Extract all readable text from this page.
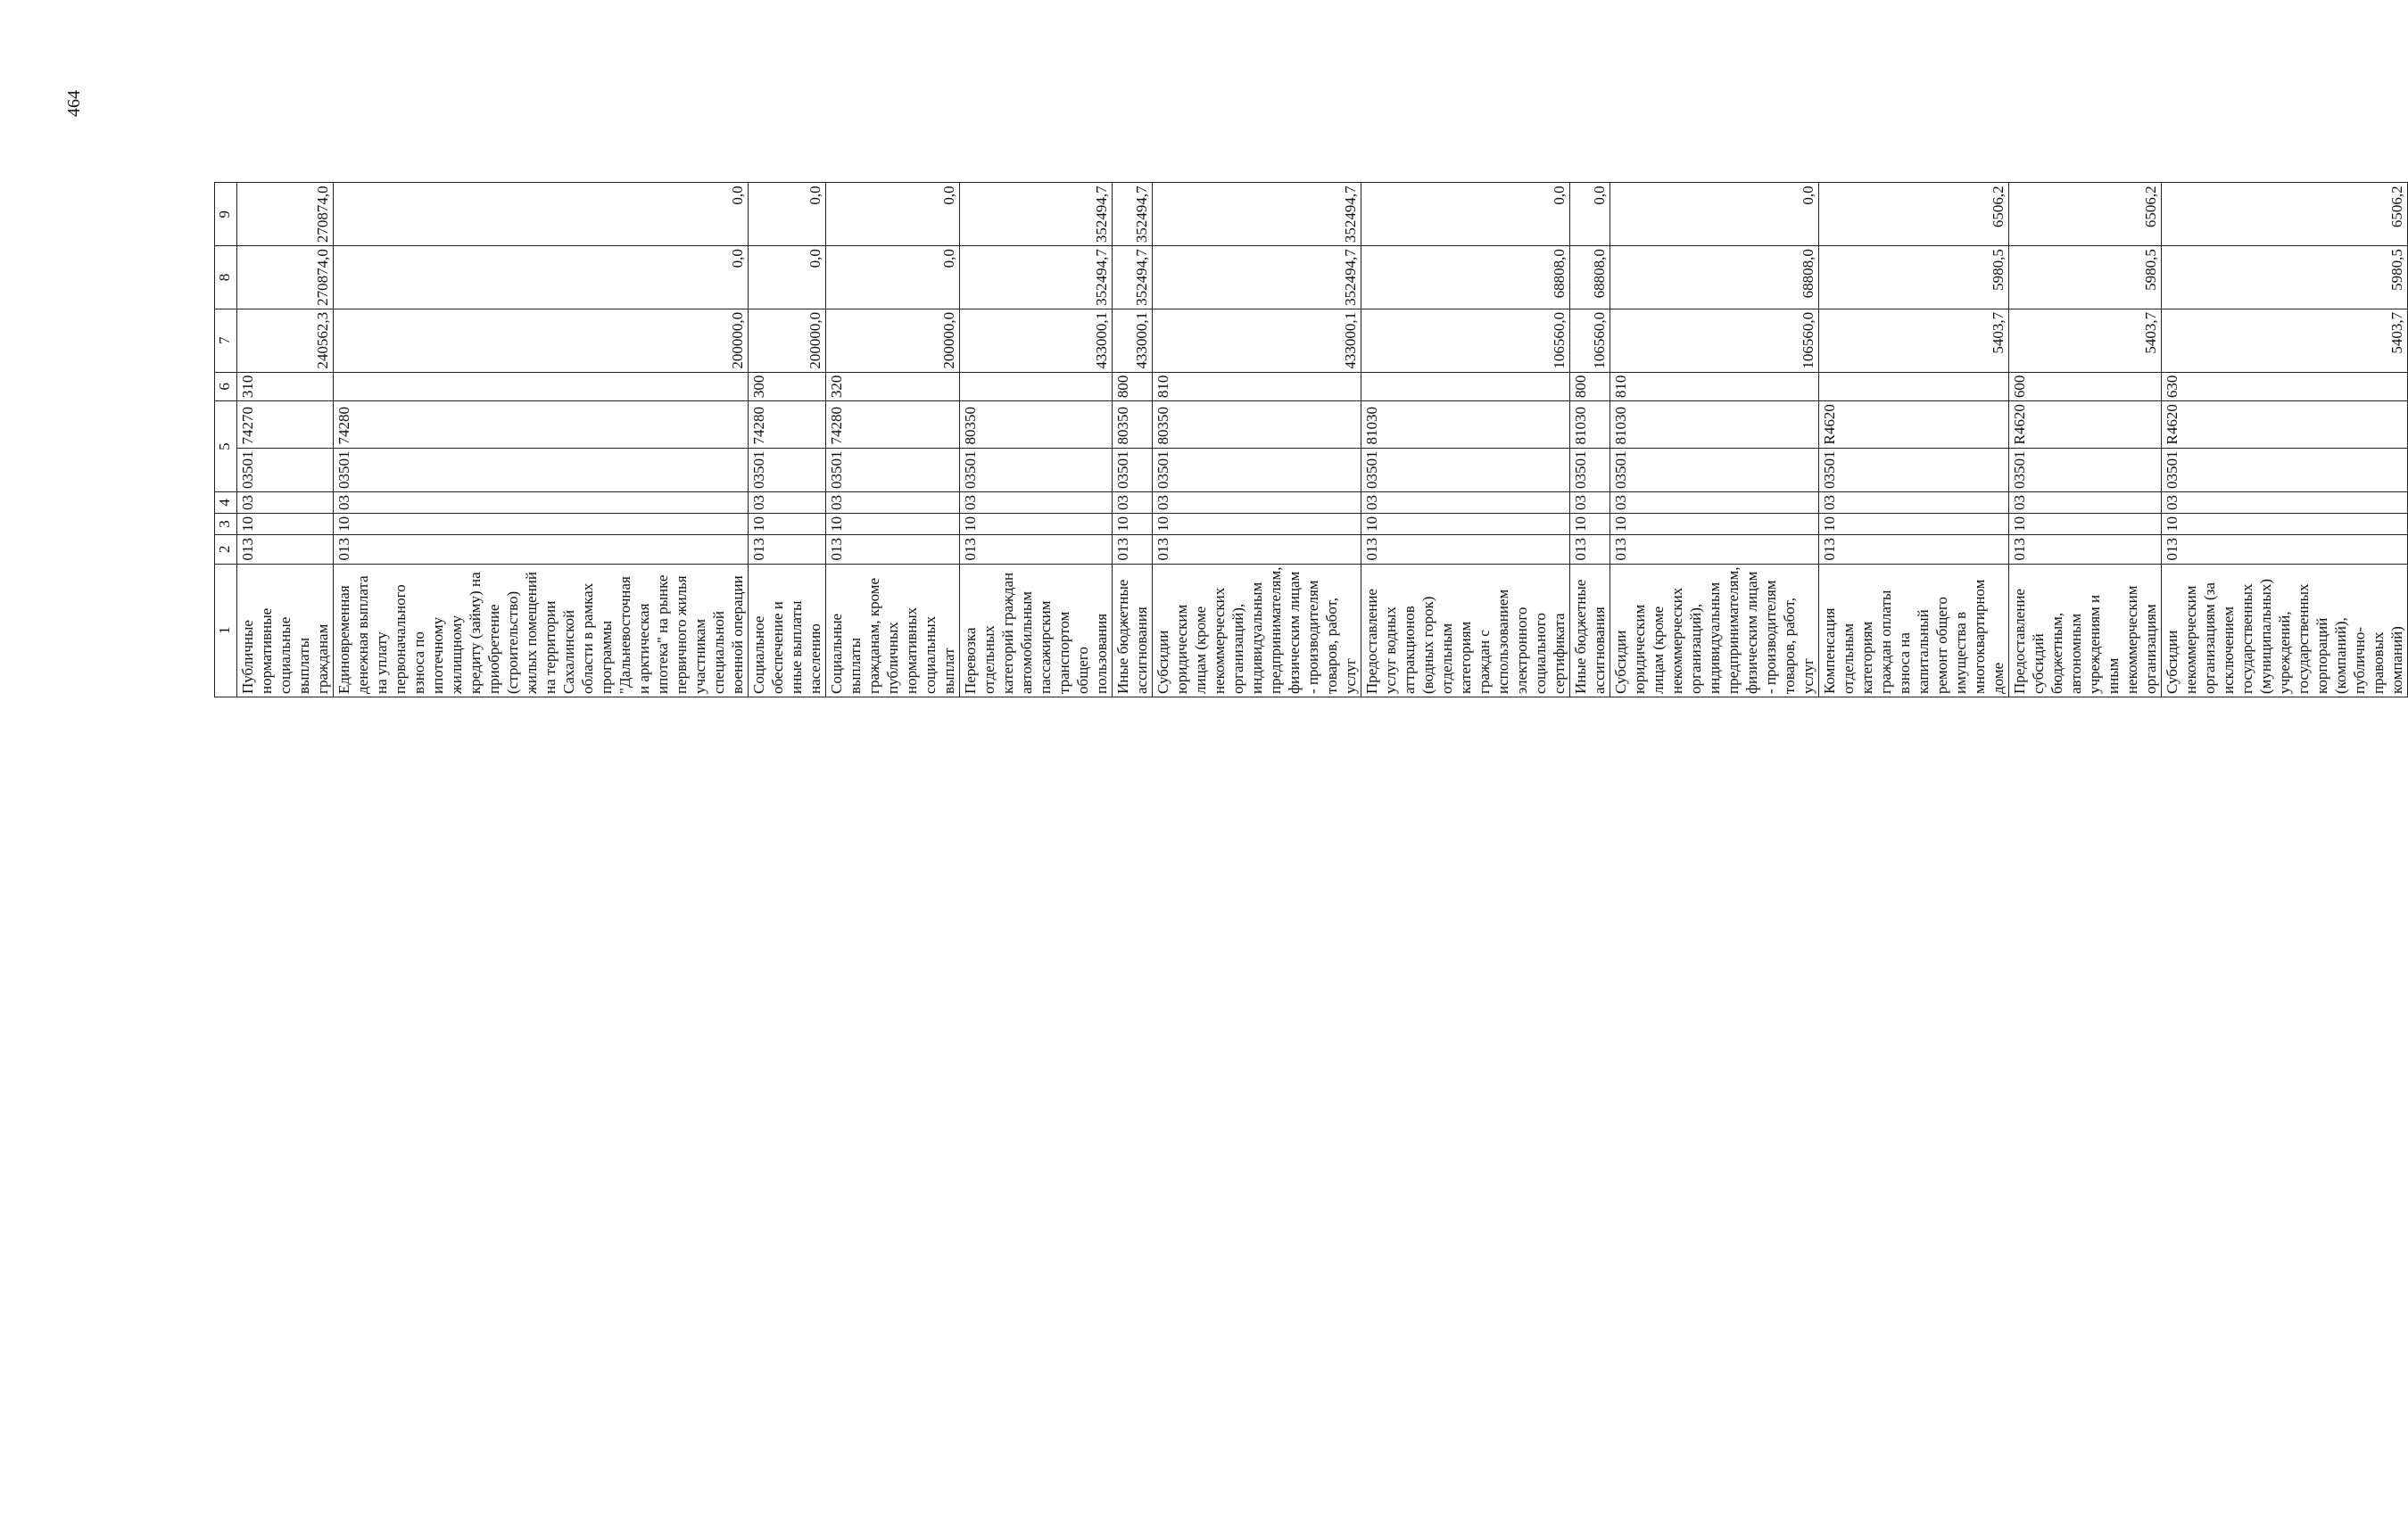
464
1	2	3	4	5		6	7	8	9
Публичные нормативные социальные выплаты гражданам	013	10	03	03501	74270	310	240562,3	270874,0	270874,0
Единовременная денежная выплата на уплату первоначального взноса по ипотечному жилищному кредиту (займу) на приобретение (строительство) жилых помещений на территории Сахалинской области в рамках программы "Дальневосточная и арктическая ипотека" на рынке первичного жилья участникам специальной военной операции	013	10	03	03501	74280		200000,0	0,0	0,0
Социальное обеспечение и иные выплаты населению	013	10	03	03501	74280	300	200000,0	0,0	0,0
Социальные выплаты гражданам, кроме публичных нормативных социальных выплат	013	10	03	03501	74280	320	200000,0	0,0	0,0
Перевозка отдельных категорий граждан автомобильным пассажирским транспортом общего пользования	013	10	03	03501	80350		433000,1	352494,7	352494,7
Иные бюджетные ассигнования	013	10	03	03501	80350	800	433000,1	352494,7	352494,7
Субсидии юридическим лицам (кроме некоммерческих организаций), индивидуальным предпринимателям, физическим лицам - производителям товаров, работ, услуг	013	10	03	03501	80350	810	433000,1	352494,7	352494,7
Предоставление услуг водных аттракционов (водных горок) отдельным категориям граждан с использованием электронного социального сертификата	013	10	03	03501	81030		106560,0	68808,0	0,0
Иные бюджетные ассигнования	013	10	03	03501	81030	800	106560,0	68808,0	0,0
Субсидии юридическим лицам (кроме некоммерческих организаций), индивидуальным предпринимателям, физическим лицам - производителям товаров, работ, услуг	013	10	03	03501	81030	810	106560,0	68808,0	0,0
Компенсация отдельным категориям граждан оплаты взноса на капитальный ремонт общего имущества в многоквартирном доме	013	10	03	03501	R4620		5403,7	5980,5	6506,2
Предоставление субсидий бюджетным, автономным учреждениям и иным некоммерческим организациям	013	10	03	03501	R4620	600	5403,7	5980,5	6506,2
Субсидии некоммерческим организациям (за исключением государственных (муниципальных) учреждений, государственных корпораций (компаний), публично-правовых компаний)	013	10	03	03501	R4620	630	5403,7	5980,5	6506,2
